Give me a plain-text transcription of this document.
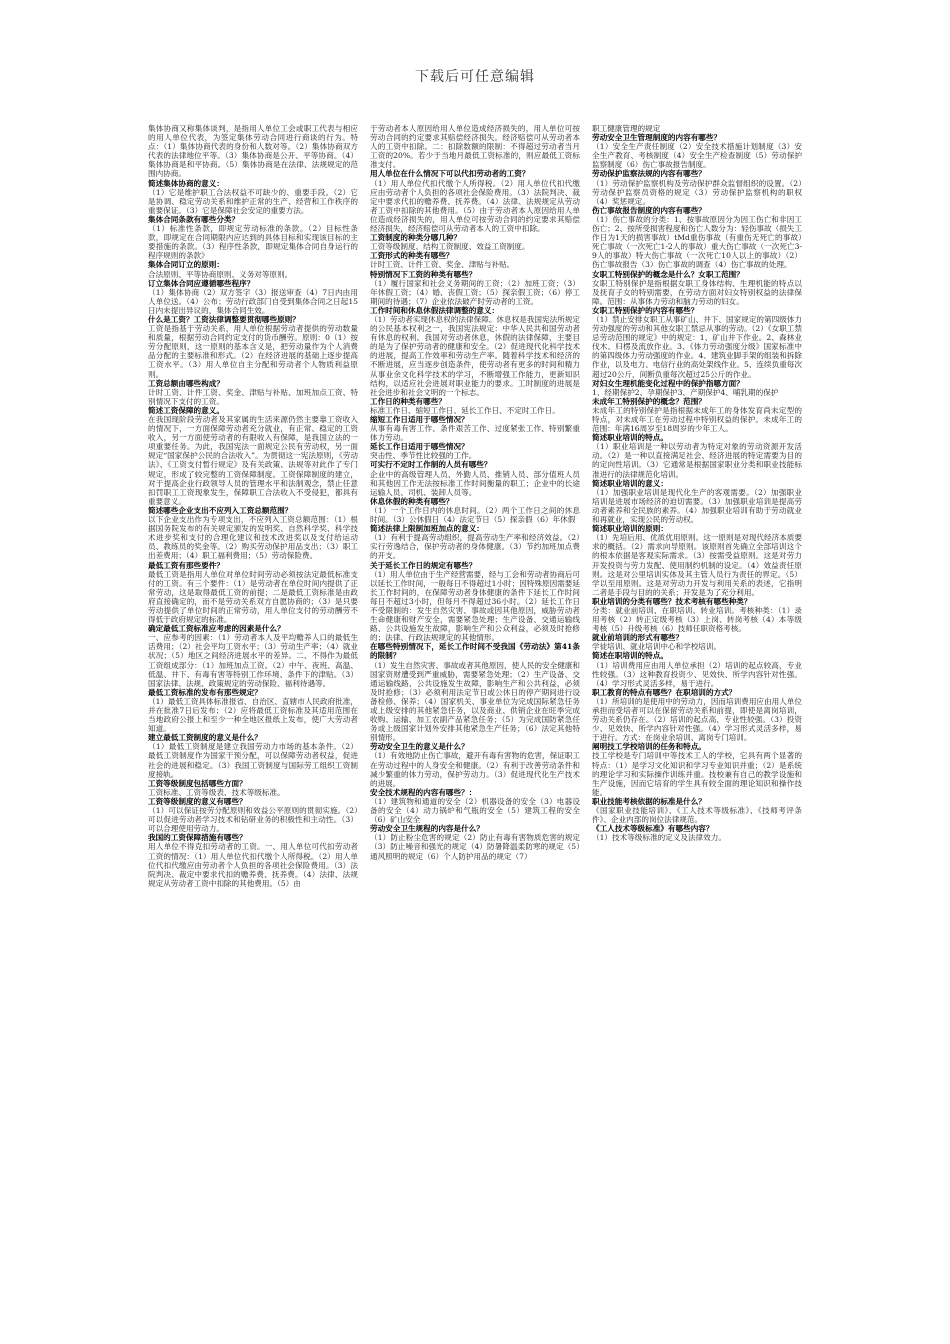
下载后可任意编辑

集体协商又称集体谈判，是指用人单位工会或职工代表与相应的用人单位代表，为签定集体劳动合同进行商谈的行为。特点：（1）集体协商代表的身份和人数对等。（2）集体协商双方代表的法律地位平等。（3）集体协商是公开、平等协商。（4）集体协商是和平协商。（5）集体协商是在法律、法规规定的范围内协商。

简述集体协商的意义：

（1）它是维护职工合法权益不可缺少的、重要手段。（2）它是协调、稳定劳动关系和维护正常的生产、经营和工作秩序的重要保证。（3）它是保障社会安定的重要方法。

集体合同条款有哪些分类？

（1）标准性条款，即规定劳动标准的条款。（2）目标性条款，即规定在合同期限内应达到的具体目标和实现该目标的主要措施的条款。（3）程序性条款，即规定集体合同自身运行的程序规则的条款》

集体合同订立的原则：

合法原则、平等协商原则、义务对等原则。

订立集体合同应遵循哪些程序？

（1）集体协商（2）双方签字（3）报送审查（4）7日内由用人单位送。（4）公布；劳动行政部门自受到集体合同之日起15日内未提出异议的，集体合同生效。

什么是工资？工资法律调整要贯彻哪些原则？

工资是指基于劳动关系，用人单位根据劳动者提供的劳动数量和质量，根据劳动合同约定支付的货币酬劳。原则：0（1）按劳分配原则，这一原则的基本含义是，把劳动量作为个人消费品分配的主要标准和形式。（2）在经济进展的基础上逐步提高工资水平。（3）用人单位自主分配和劳动者个人物质利益原则。

工资总额由哪些构成？

计时工资、计件工资、奖金、津贴与补贴、加班加点工资、特别情况下支付的工资。

简述工资保障的意义。

在我国现阶段劳动者及其家属的生活来源仍然主要靠工资收入的情况下，一方面保障劳动者充分就业，有正常、稳定的工资收入，另一方面使劳动者的有限收入有保障，是我国立法的一项重要任务。为此，我国宪法一面规定公民有劳动权，另一面规定“国家保护公民的合法收入”。为贯彻这一宪法原则，《劳动法》、《工资支付暂行规定》及有关政策、法规等对此作了专门规定，形成了较完整的工资保障制度。工资保障制度的建立，对于提高企业行政领导人员的管理水平和法制观念，禁止任意扣罚职工工资现象发生，保障职工合法收入不受侵犯，都具有重要意义。

简述哪些企业支出不应列入工资总额范围？

以下企业支出作为专项支出，不应列入工资总额范围：（1）根据国务院发布的有关规定颁发的发明奖、自然科学奖、科学技术进步奖和支付的合理化建议和技术改进奖以及支付给运动员、教练员的奖金等。（2）购买劳动保护用品支出；（3）职工出差费用；（4）职工福利费用；（5）劳动保险费。

最低工资有那些要件？

最低工资是指用人单位对单位时间劳动必须按法定最低标准支付的工资。有三个要件：（1）是劳动者在单位时间内提供了正常劳动，这是取得最低工资的前提；二是最低工资标准是由政府直接确定的，而不是劳动关系双方自愿协商的；（3）是只要劳动提供了单位时间的正常劳动，用人单位支付的劳动酬劳不得低于政府规定的标准。

确定最低工资标准应考虑的因素是什么？

一、应参考的因素：（1）劳动者本人及平均赡养人口的最低生活费用；（2）社会平均工资水平；（3）劳动生产率；（4）就业状况；（5）地区之间经济进展水平的差异。二、不得作为最低工资组成部分：（1）加班加点工资。（2）中午、夜班、高温、低温、井下、有毒有害等特别工作环境、条件下的津贴。（3）国家法律、法规、政策规定的劳动保险、福利待遇等。

最低工资标准的发布有那些规定？

（1）最低工资具体标准报省、自治区、直辖市人民政府批准，并在批准7日后发布；（2）应将最低工资标准及其适用范围在当地政府公报上和至少一种全地区报纸上发布，使广大劳动者知道。

建立最低工资制度的意义是什么？

（1）最低工资制度是建立我国劳动力市场的基本条件。（2）最低工资制度作为国家干预分配，可以保障劳动者权益，促进社会的进展和稳定。（3）我国工资制度与国际劳工组织工资制度接轨。

工资等级制度包括哪些方面？

工资标准、工资等级表、技术等级标准。

工资等级制度的意义有哪些？

（1）可以保证按劳分配原则和效益公平原则的贯彻实施。（2）可以促进劳动者学习技术和钻研业务的积极性和主动性。（3）可以合理使用劳动力。

我国的工资保障措施有哪些？

用人单位不得克扣劳动者的工资。一、用人单位可代扣劳动者工资的情况：（1）用人单位代扣代缴个人所得税。（2）用人单位代扣代缴应由劳动者个人负担的各项社会保险费用。（3）法院判决、裁定中要求代扣的赡养费、抚养费。（4）法律、法规规定从劳动者工资中扣除的其他费用。（5）由

于劳动者本人原因给用人单位造成经济损失的，用人单位可按劳动合同的约定要求其赔偿经济损失。经济赔偿可从劳动者本人的工资中扣除。二：扣除数额的限制：不得超过劳动者当月工资的20%。若少于当地月最低工资标准的，则应最低工资标准支付。

用人单位在什么情况下可以代扣劳动者的工资？

（1）用人单位代扣代缴个人所得税。（2）用人单位代扣代缴应由劳动者个人负担的各项社会保险费用。（3）法院判决、裁定中要求代扣的赡养费、抚养费。（4）法律、法规规定从劳动者工资中扣除的其他费用。（5）由于劳动者本人原因给用人单位造成经济损失的，用人单位可按劳动合同的约定要求其赔偿经济损失，经济赔偿可从劳动者本人的工资中扣除。

工资制度的种类分哪几种？

工资等级制度、结构工资制度、效益工资制度。

工资形式的种类有哪些？

计时工资、计件工资、奖金、津贴与补贴。

特别情况下工资的种类有哪些？

（1）履行国家和社会义务期间的工资；（2）加班工资；（3）年休假工资；（4）婚、丧假工资；（5）探亲假工资；（6）停工期间的待遇；（7）企业依法破产时劳动者的工资。

工作时间和休息休假法律调整的意义：

（1）劳动者实现休息权的法律保障。休息权是我国宪法所规定的公民基本权利之一，我国宪法规定：中华人民共和国劳动者有休息的权利。我国对劳动者休息，休假的法律保障，主要目的是为了保护劳动者的健康和安全。（2）促进现代化科学技术的进展，提高工作效率和劳动生产率。随着科学技术和经济的不断进展，应当逐步创造条件，使劳动者有更多的时间和精力从事业余文化科学技术的学习，不断增强工作能力，更新知识结构，以适应社会进展对职业能力的要求。工时制度的进展是社会进步和社会文明的一个标志。

工作日的种类有哪些？

标准工作日、缩短工作日、延长工作日、不定时工作日。

缩短工作日适用于哪些情况？

从事有毒有害工作、条件艰苦工作、过度紧张工作、特别繁重体力劳动。

延长工作日适用于哪些情况？

突击性、季节性比较强的工作。

可实行不定时工作制的人员有哪些？

企业中的高级管理人员、外勤人员、推销人员、部分值班人员和其他因工作无法按标准工作时间衡量的职工；企业中的长途运输人员、司机、装卸人员等。

休息休假的种类有哪些？

（1）一个工作日内的休息时间。（2）两个工作日之间的休息时间。（3）公休假日（4）法定节日（5）探亲假（6）年休假

简述法律上限制加班加点的意义：

（1）有利于提高劳动组织，提高劳动生产率和经济效益。（2）实行劳逸结合，保护劳动者的身体健康。（3）节约加班加点费的开支。

关于延长工作日的规定有哪些？

（1）用人单位由于生产经营需要，经与工会和劳动者协商后可以延长工作时间，一般每日不得超过1小时；因特殊原因需要延长工作时间的，在保障劳动者身体健康的条件下延长工作时间每日不超过3小时，但每月不得超过36小时。（2）延长工作日不受限制的：发生自然灾害、事故或因其他原因，威胁劳动者生命健康和财产安全，需要紧急处理；生产设备、交通运输线路、公共设施发生故障，影响生产和公众利益，必须及时抢修的；法律、行政法规规定的其他情形。

在哪些特别情况下，延长工作时间不受我国《劳动法》第41条的限制？

（1）发生自然灾害、事故或者其他原因，使人民的安全健康和国家资财遭受到严重威胁，需要紧急处理；（2）生产设备、交通运输线路、公共设施发生故障，影响生产和公共利益，必须及时抢修；（3）必须利用法定节日或公休日的停产期间进行设备检修、保养；（4）国家机关、事业单位为完成国际紧急任务或上级安排的其他紧急任务，以及商业、供销企业在旺季完成收购、运输、加工农副产品紧急任务；（5）为完成国防紧急任务或上级国家计划外安排其他紧急生产任务；（6）法定其他特别情形。

劳动安全卫生的意义是什么？

（1）有效地防止伤亡事故，避开有毒有害物的危害，保证职工在劳动过程中的人身安全和健康。（2）有利于改善劳动条件和减少繁重的体力劳动，保护劳动力。（3）促进现代化生产技术的进展。

安全技术规程的内容有哪些？：

（1）建筑物和通道的安全（2）机器设备的安全（3）电器设备的安全（4）动力锅炉和气瓶的安全（5）建筑工程的安全（6）矿山安全

劳动安全卫生规程的内容是什么？

（1）防止粉尘危害的规定（2）防止有毒有害物质危害的规定（3）防止噪音和强光的规定（4）防暑降温柔防寒的规定（5）通风照明的规定（6）个人防护用品的规定（7）

职工健康管理的规定

劳动安全卫生管理制度的内容有哪些？

（1）安全生产责任制度（2）安全技术措施计划制度（3）安全生产教育、考核制度（4）安全生产检查制度（5）劳动保护监察制度（6）伤亡事故报告制度。

劳动保护监察法规的内容有哪些？

（1）劳动保护监察机构及劳动保护群众监督组织的设置。（2）劳动保护监察员资格的规定（3）劳动保护监察机构的职权（4）奖惩规定。

伤亡事故报告制度的内容有哪些？

（1）伤亡事故的分类：1、按事故原因分为因工伤亡和非因工伤亡；2、按所受损害程度和伤亡人数分为：轻伤事故（损失工作日为1天的损害事故）tMd重伤事故（有重伤无死亡的事故）死亡事故（一次死亡1-2人的事故）重大伤亡事故（一次死亡3-9人的事故）特大伤亡事故（一次死亡10人以上的事故）（2）伤亡事故报告（3）伤亡事故的调查（4）伤亡事故的处理。

女职工特别保护的概念是什么？女职工范围？

女职工特别保护是指根据女职工身体结构、生理机能的特点以及抚育子女的特别需要，在劳动方面对妇女特别权益的法律保障。范围：从事体力劳动和脑力劳动的妇女。

女职工特别保护的内容有哪些？

（1）禁止安排女职工从事矿山、井下、国家规定的第四级体力劳动强度的劳动和其他女职工禁忌从事的劳动。（2）《女职工禁忌劳动范围的规定》中的规定：1、矿山井下作业。2、森林业伐木、归楞及流放作业。3、《体力劳动强度分级》国家标准中的第四级体力劳动强度的作业。4、建筑业脚手架的组装和拆除作业，以及电力、电信行业的高处架线作业。5、连续负重每次超过20公斤，间断负重每次超过25公斤的作业。

对妇女生理机能变化过程中的保护指哪方面？

1、经期保护2、孕期保护3、产期保护4、哺乳期的保护

未成年工特别保护的概念？范围？

未成年工的特别保护是指根据未成年工的身体发育尚未定型的特点，对未成年工在劳动过程中特别权益的保护。未成年工的范围：年满16周岁至18周岁的少年工人。

简述职业培训的特点。

（1）职业培训是一种以劳动者为特定对象的劳动资源开发活动。（2）是一种以直接满足社会、经济进展的特定需要为目的的定向性培训。（3）它通常是根据国家职业分类和职业技能标准进行的法律规范化培训。

简述职业培训的意义：

（1）加强职业培训是现代化生产的客观需要。（2）加强职业培训是进展市场经济的迫切需要。（3）加强职业培训是提高劳动者素养和全民族的素养。（4）加强职业培训有助于劳动就业和再就业，实现公民的劳动权。

简述职业培训的原则：

（1）先培后用、优质优用原则。这一原则是对现代经济本质要求的概括。（2）需求向导原则。该原则首先确立全部培训这个的根本依据是客观实际需求。（3）按需受益原则。这是对劳力开发投资与劳力发配、使用制约机制的设定。（4）效益责任原则。这是对公里培训实体及其主管人员行为责任的界定。（5）学以至用原则。这是对劳动力开发与利用关系的表述，它指明二者是手段与目的的关系；开发是为了充分利用。

职业培训的分类有哪些？技术考核有哪些种类？

分类：就业前培训、在职培训、转业培训。考核种类：（1）录用考核（2）转正定级考核（3）上岗、转岗考核（4）本等级考核（5）升级考核（6）技师任职资格考核。

就业前培训的形式有哪些？

学徒培训、就业培训中心和学校培训。

简述在职培训的特点。

（1）培训费用应由用人单位承担（2）培训的起点较高，专业性较强。（3）这种教育投资少、见效快、所学内容针对性强。（4）学习形式灵活多样，易于进行。

职工教育的特点有哪些？在职培训的方式？

（1）所培训的是使用中的劳动力，因而培训费用应由用人单位承担而受培者可以在保留劳动关系和前提，即使是离岗培训，劳动关系仍存在。（2）培训的起点高、专业性较强。（3）投资少、见效快、所学内容针对性强。（4）学习形式灵活多样，易于进行。方式：在岗业余培训、离岗专门培训。

阐明技工学校培训的任务和特点。

技工学校是专门培训中等技术工人的学校，它具有两个显著的特点：（1）是学习文化知识和学习专业知识并重；（2）是系统的理论学习和实际操作训练并重。技校兼有自己的教学设施和生产设施，因而它培育的学生具有较全面的理论知识和操作技能。

职业技能考核依据的标准是什么？

《国家职业技能培训》、《工人技术等级标准》、《技师考评条件》、企业内部的岗位法律规范。

《工人技术等级标准》有哪些内容？

（1）技术等级标准的定义及法律效力。
